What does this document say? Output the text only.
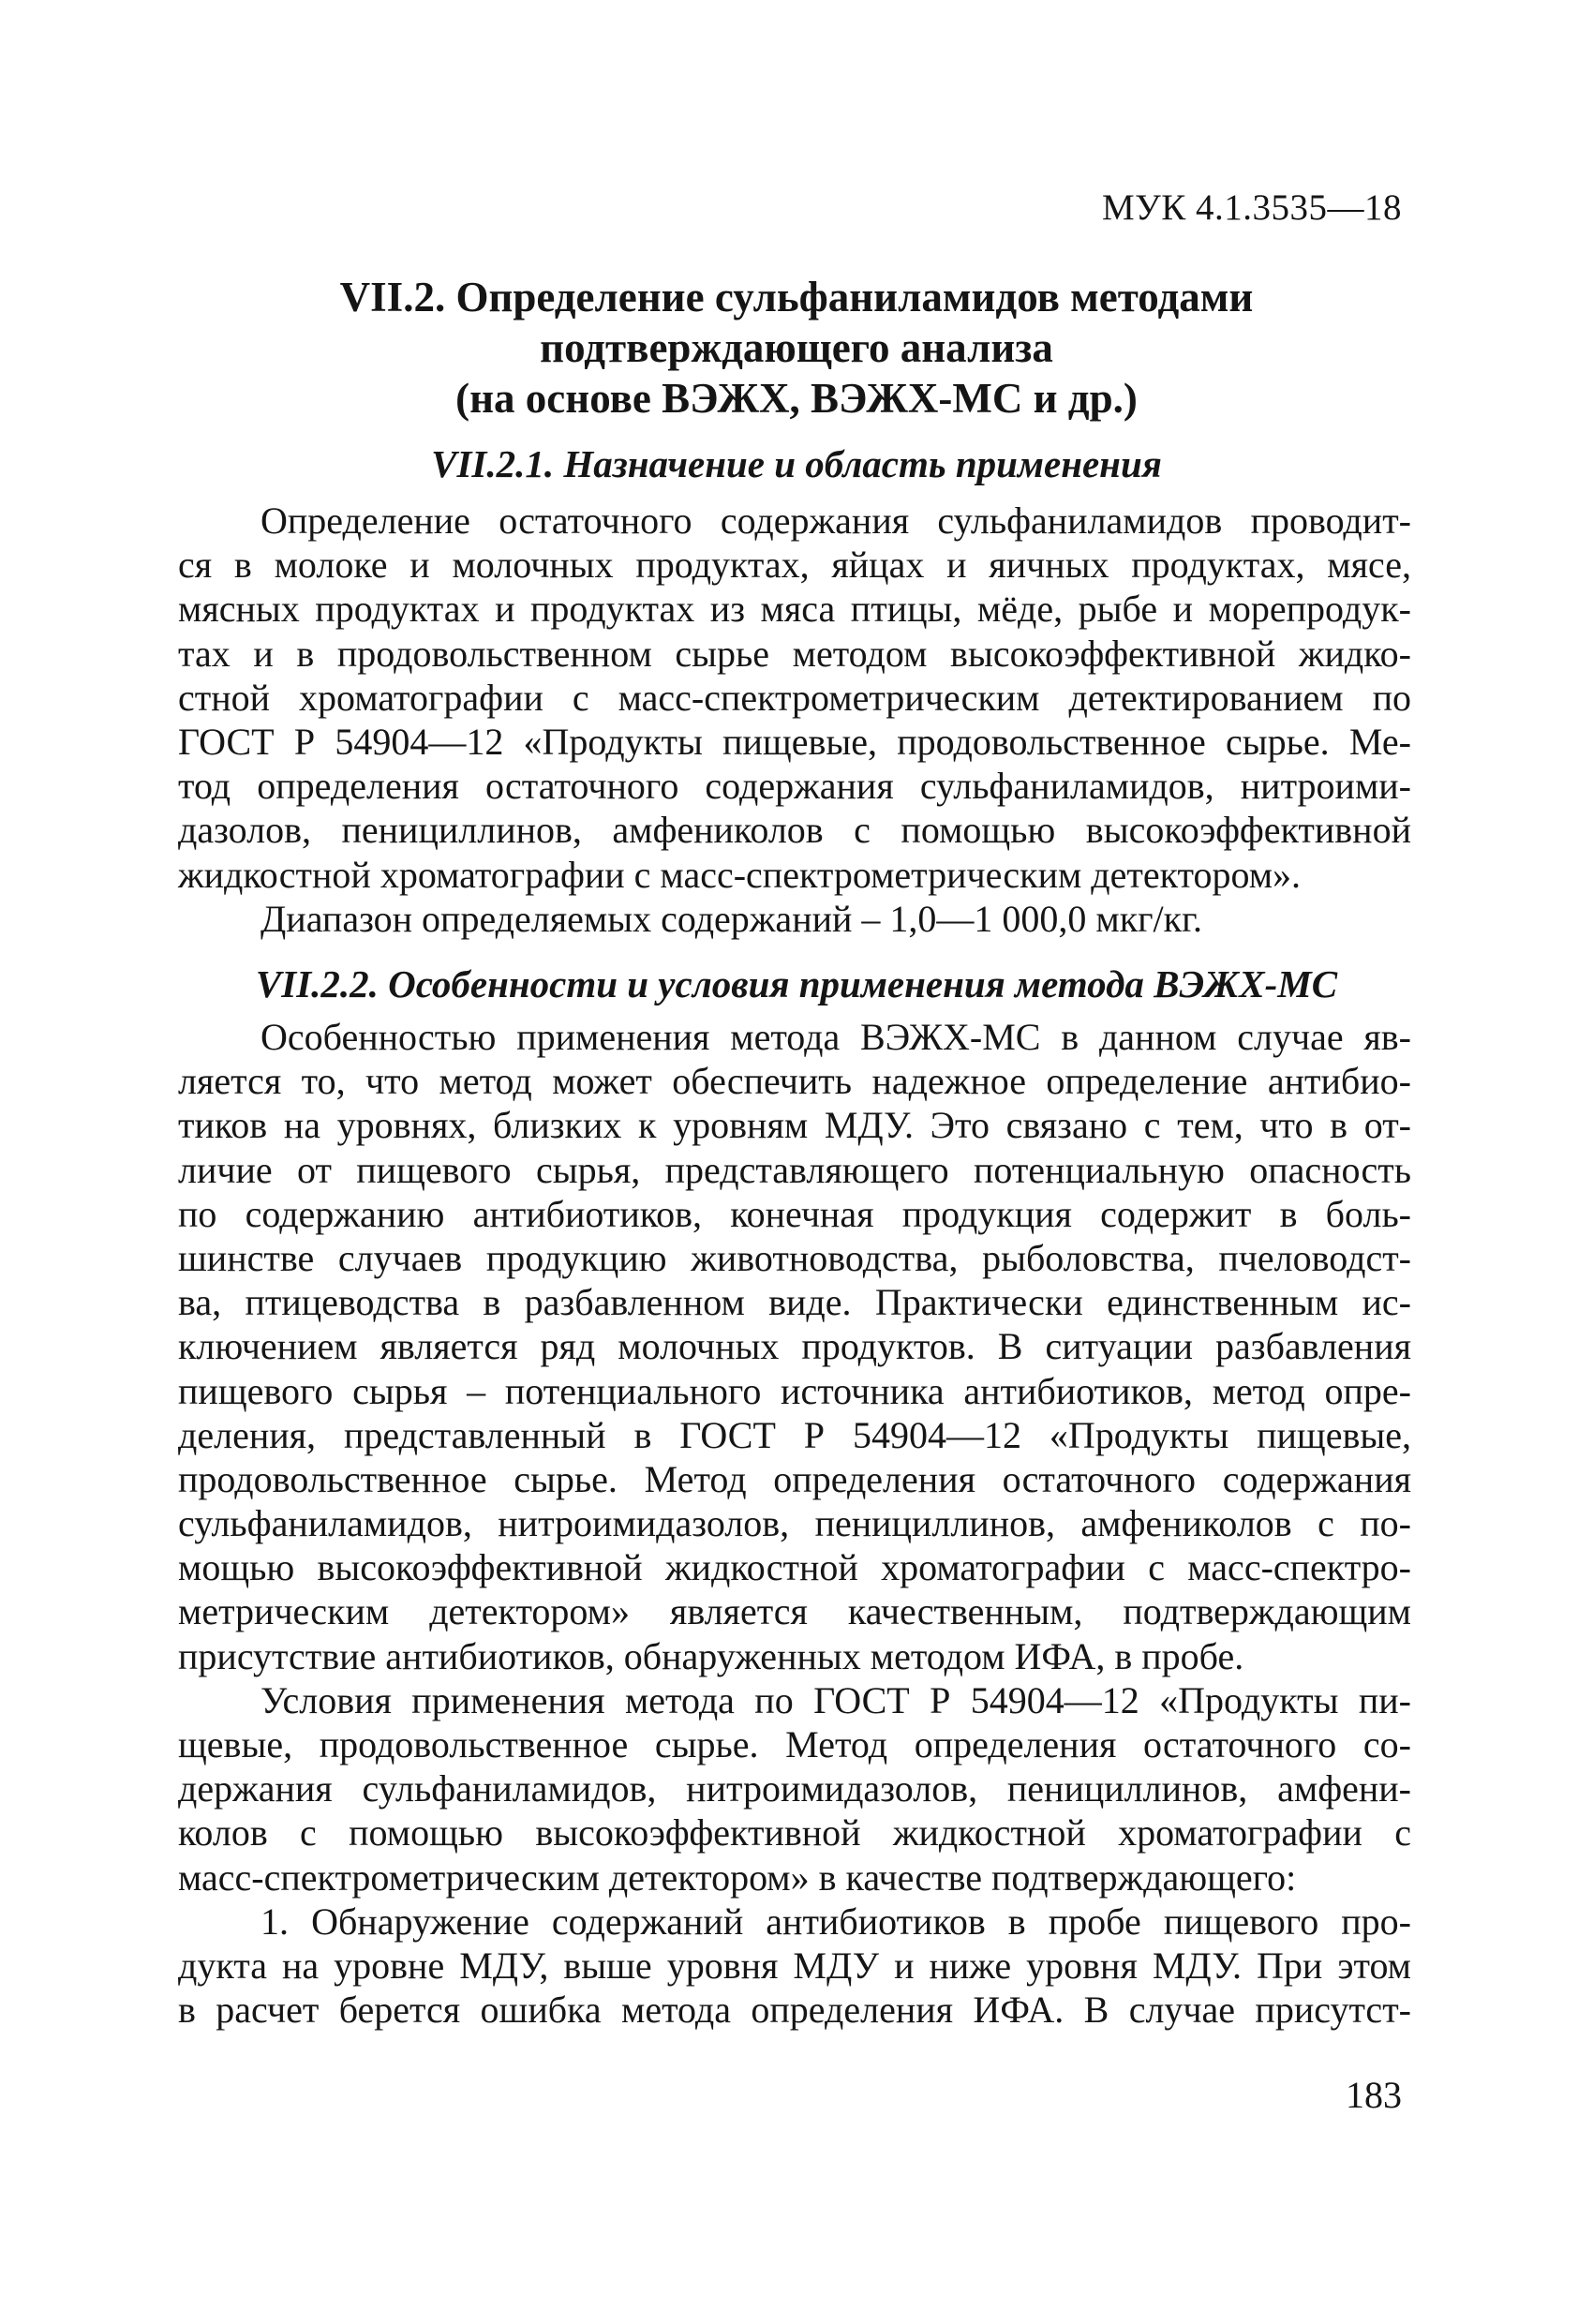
МУК 4.1.3535—18
VII.2. Определение сульфаниламидов методами
подтверждающего анализа
(на основе ВЭЖХ, ВЭЖХ-МС и др.)
VII.2.1. Назначение и область применения
Определение остаточного содержания сульфаниламидов проводит-
ся в молоке и молочных продуктах, яйцах и яичных продуктах, мясе,
мясных продуктах и продуктах из мяса птицы, мёде, рыбе и морепродук-
тах и в продовольственном сырье методом высокоэффективной жидко-
стной хроматографии с масс-спектрометрическим детектированием по
ГОСТ Р 54904—12 «Продукты пищевые, продовольственное сырье. Ме-
тод определения остаточного содержания сульфаниламидов, нитроими-
дазолов, пенициллинов, амфениколов с помощью высокоэффективной
жидкостной хроматографии с масс-спектрометрическим детектором».
Диапазон определяемых содержаний – 1,0—1 000,0 мкг/кг.
VII.2.2. Особенности и условия применения метода ВЭЖХ-МС
Особенностью применения метода ВЭЖХ-МС в данном случае яв-
ляется то, что метод может обеспечить надежное определение антибио-
тиков на уровнях, близких к уровням МДУ. Это связано с тем, что в от-
личие от пищевого сырья, представляющего потенциальную опасность
по содержанию антибиотиков, конечная продукция содержит в боль-
шинстве случаев продукцию животноводства, рыболовства, пчеловодст-
ва, птицеводства в разбавленном виде. Практически единственным ис-
ключением является ряд молочных продуктов. В ситуации разбавления
пищевого сырья – потенциального источника антибиотиков, метод опре-
деления, представленный в ГОСТ Р 54904—12 «Продукты пищевые,
продовольственное сырье. Метод определения остаточного содержания
сульфаниламидов, нитроимидазолов, пенициллинов, амфениколов с по-
мощью высокоэффективной жидкостной хроматографии с масс-спектро-
метрическим детектором» является качественным, подтверждающим
присутствие антибиотиков, обнаруженных методом ИФА, в пробе.
Условия применения метода по ГОСТ Р 54904—12 «Продукты пи-
щевые, продовольственное сырье. Метод определения остаточного со-
держания сульфаниламидов, нитроимидазолов, пенициллинов, амфени-
колов с помощью высокоэффективной жидкостной хроматографии с
масс-спектрометрическим детектором» в качестве подтверждающего:
1. Обнаружение содержаний антибиотиков в пробе пищевого про-
дукта на уровне МДУ, выше уровня МДУ и ниже уровня МДУ. При этом
в расчет берется ошибка метода определения ИФА. В случае присутст-
183
